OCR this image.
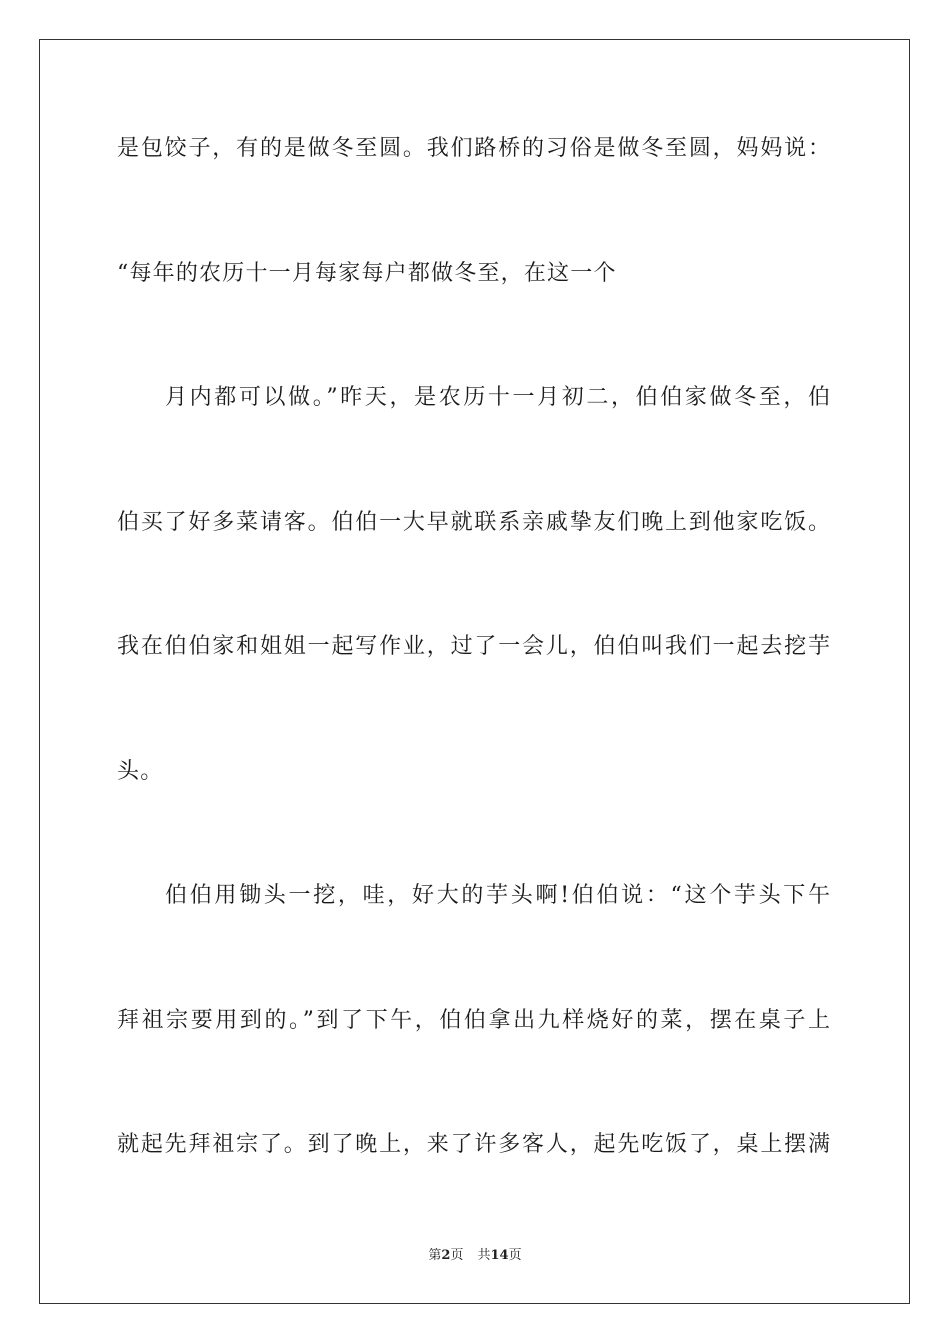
是包饺子，有的是做冬至圆。我们路桥的习俗是做冬至圆，妈妈说：
“每年的农历十一月每家每户都做冬至，在这一个
月内都可以做。”昨天，是农历十一月初二，伯伯家做冬至，伯
伯买了好多菜请客。伯伯一大早就联系亲戚挚友们晚上到他家吃饭。
我在伯伯家和姐姐一起写作业，过了一会儿，伯伯叫我们一起去挖芋
头。
伯伯用锄头一挖，哇，好大的芋头啊!伯伯说：“这个芋头下午
拜祖宗要用到的。”到了下午，伯伯拿出九样烧好的菜，摆在桌子上
就起先拜祖宗了。到了晚上，来了许多客人，起先吃饭了，桌上摆满
第2页 共14页
